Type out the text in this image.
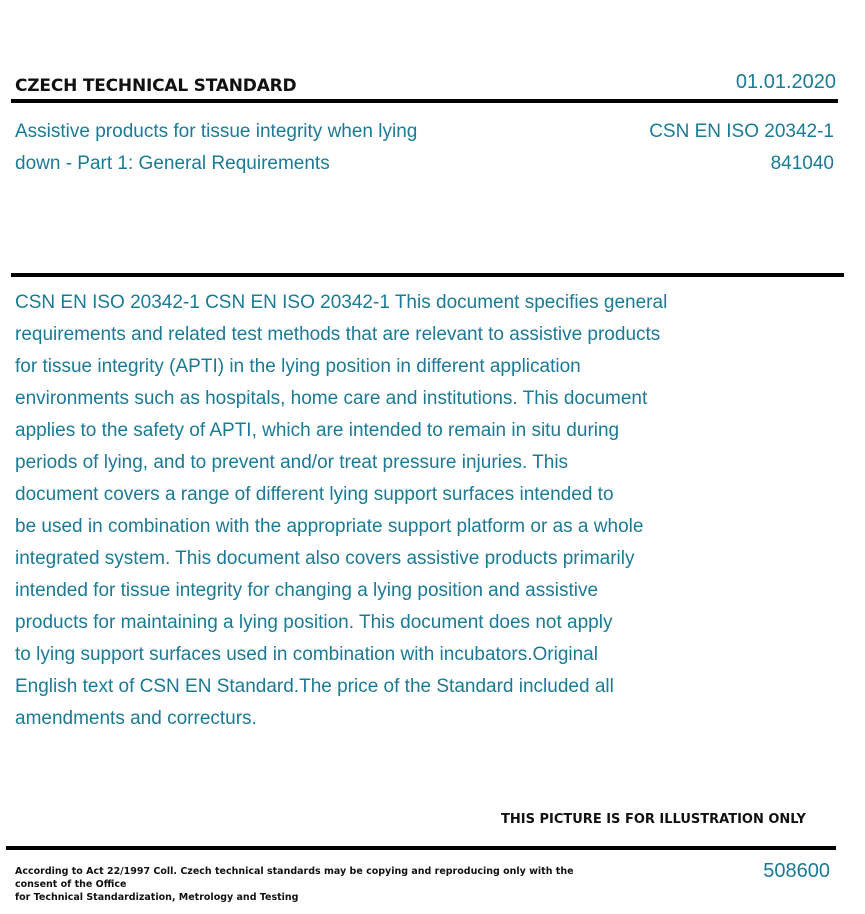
CZECH TECHNICAL STANDARD	01.01.2020
Assistive products for tissue integrity when lying down - Part 1: General Requirements
CSN EN ISO 20342-1
841040
CSN EN ISO 20342-1 CSN EN ISO 20342-1 This document specifies general
requirements and related test methods that are relevant to assistive products
for tissue integrity (APTI) in the lying position in different application
environments such as hospitals, home care and institutions. This document
applies to the safety of APTI, which are intended to remain in situ during
periods of lying, and to prevent and/or treat pressure injuries. This
document covers a range of different lying support surfaces intended to
be used in combination with the appropriate support platform or as a whole
integrated system. This document also covers assistive products primarily
intended for tissue integrity for changing a lying position and assistive
products for maintaining a lying position. This document does not apply
to lying support surfaces used in combination with incubators.Original
English text of CSN EN Standard.The price of the Standard included all
amendments and correcturs.
THIS PICTURE IS FOR ILLUSTRATION ONLY
According to Act 22/1997 Coll. Czech technical standards may be copying and reproducing only with the consent of the Office
for Technical Standardization, Metrology and Testing
508600
